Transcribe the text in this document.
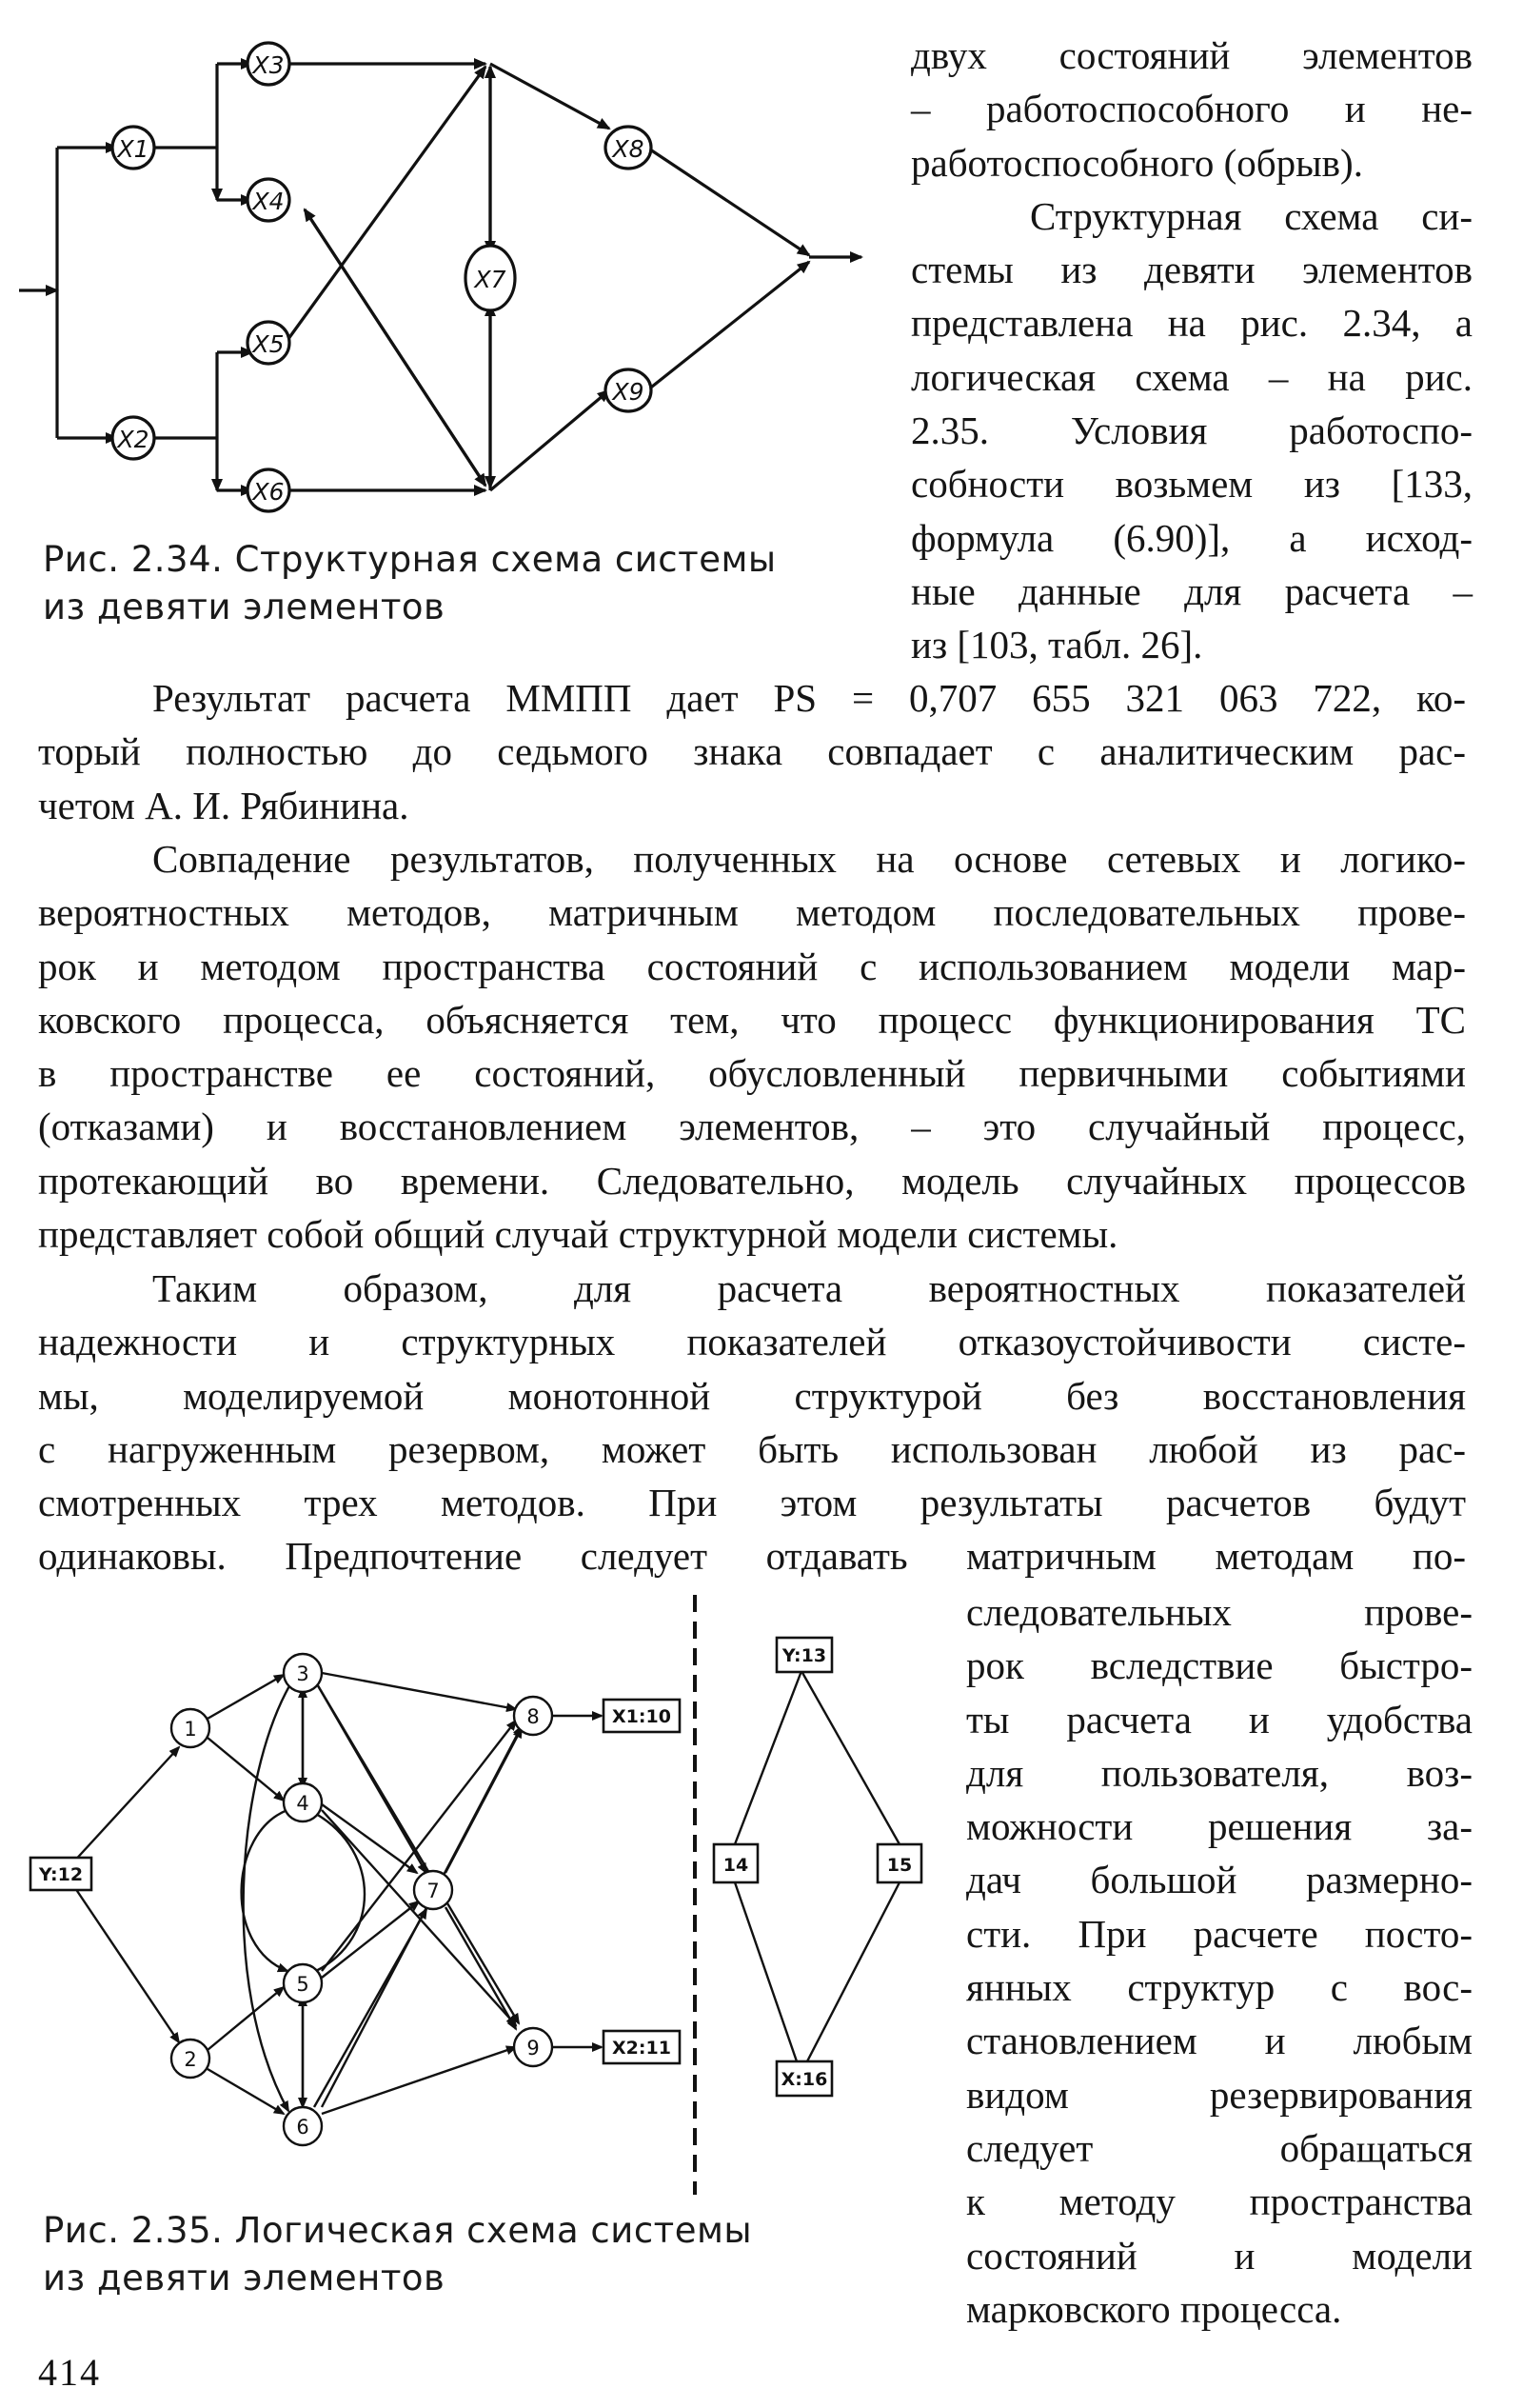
X3
X1
X4
X7
X8
X5
X2
X9
X6
Рис. 2.34. Структурная схема системы
из девяти элементов
двух состояний элементов
– работоспособного и не-
работоспособного (обрыв).
Структурная схема си-
стемы из девяти элементов
представлена на рис. 2.34, а
логическая схема – на рис.
2.35. Условия работоспо-
собности возьмем из [133,
формула (6.90)], а исход-
ные данные для расчета –
из [103, табл. 26].
Результат расчета ММПП дает PS = 0,707 655 321 063 722, ко-
торый полностью до седьмого знака совпадает с аналитическим рас-
четом А. И. Рябинина.
Совпадение результатов, полученных на основе сетевых и логико-
вероятностных методов, матричным методом последовательных прове-
рок и методом пространства состояний с использованием модели мар-
ковского процесса, объясняется тем, что процесс функционирования ТС
в пространстве ее состояний, обусловленный первичными событиями
(отказами) и восстановлением элементов, – это случайный процесс,
протекающий во времени. Следовательно, модель случайных процессов
представляет собой общий случай структурной модели системы.
Таким образом, для расчета вероятностных показателей
надежности и структурных показателей отказоустойчивости систе-
мы, моделируемой монотонной структурой без восстановления
с нагруженным резервом, может быть использован любой из рас-
смотренных трех методов. При этом результаты расчетов будут
одинаковы. Предпочтение следует отдавать матричным методам по-
3
1
8
4
7
5
2	9
6
Y:12
X1:10
X2:11
Y:13
14	15
X:16
Рис. 2.35. Логическая схема системы
из девяти элементов
следовательных прове-
рок вследствие быстро-
ты расчета и удобства
для пользователя, воз-
можности решения за-
дач большой размерно-
сти. При расчете посто-
янных структур с вос-
становлением и любым
видом резервирования
следует обращаться
к методу пространства
состояний и модели
марковского процесса.
414
